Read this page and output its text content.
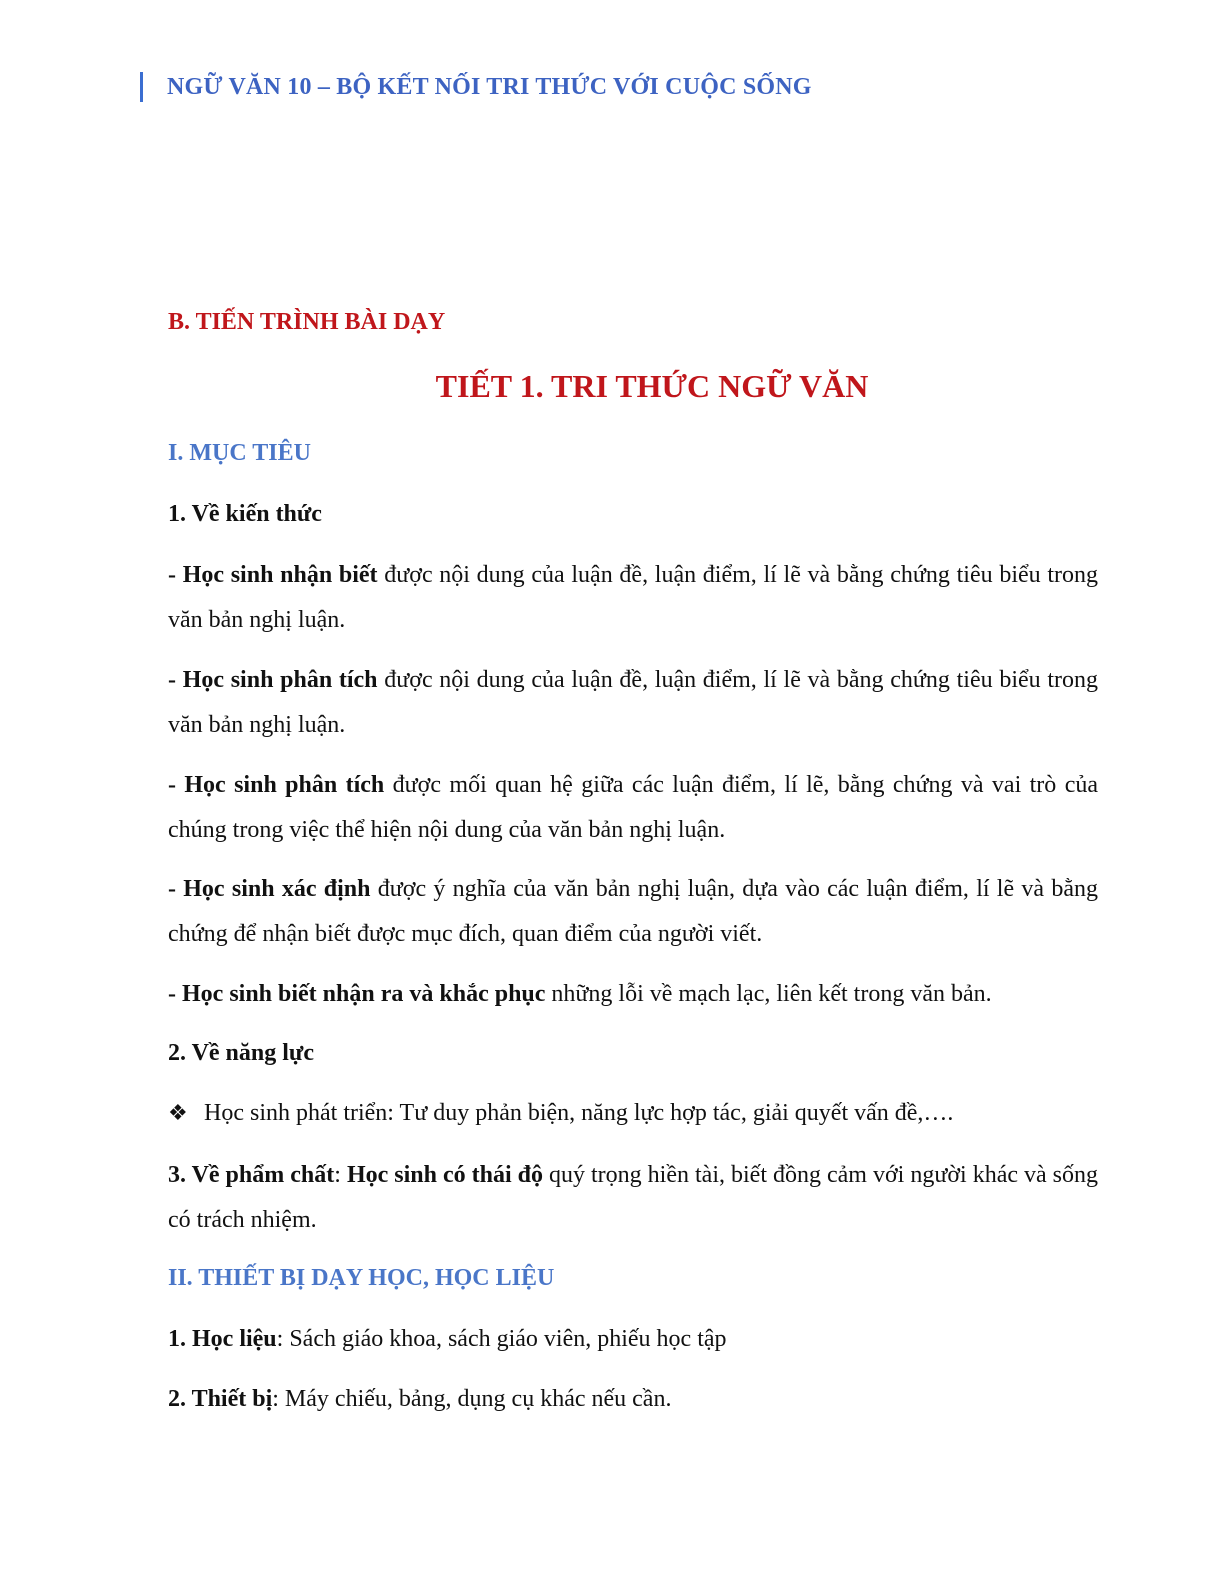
NGỮ VĂN 10 – BỘ KẾT NỐI TRI THỨC VỚI CUỘC SỐNG
B. TIẾN TRÌNH BÀI DẠY
TIẾT 1. TRI THỨC NGỮ VĂN
I. MỤC TIÊU
1. Về kiến thức
- Học sinh nhận biết được nội dung của luận đề, luận điểm, lí lẽ và bằng chứng tiêu biểu trong văn bản nghị luận.
- Học sinh phân tích được nội dung của luận đề, luận điểm, lí lẽ và bằng chứng tiêu biểu trong văn bản nghị luận.
- Học sinh phân tích được mối quan hệ giữa các luận điểm, lí lẽ, bằng chứng và vai trò của chúng trong việc thể hiện nội dung của văn bản nghị luận.
- Học sinh xác định được ý nghĩa của văn bản nghị luận, dựa vào các luận điểm, lí lẽ và bằng chứng để nhận biết được mục đích, quan điểm của người viết.
- Học sinh biết nhận ra và khắc phục những lỗi về mạch lạc, liên kết trong văn bản.
2. Về năng lực
❖ Học sinh phát triển: Tư duy phản biện, năng lực hợp tác, giải quyết vấn đề,….
3. Về phẩm chất: Học sinh có thái độ quý trọng hiền tài, biết đồng cảm với người khác và sống có trách nhiệm.
II. THIẾT BỊ DẠY HỌC, HỌC LIỆU
1. Học liệu: Sách giáo khoa, sách giáo viên, phiếu học tập
2. Thiết bị: Máy chiếu, bảng, dụng cụ khác nếu cần.
